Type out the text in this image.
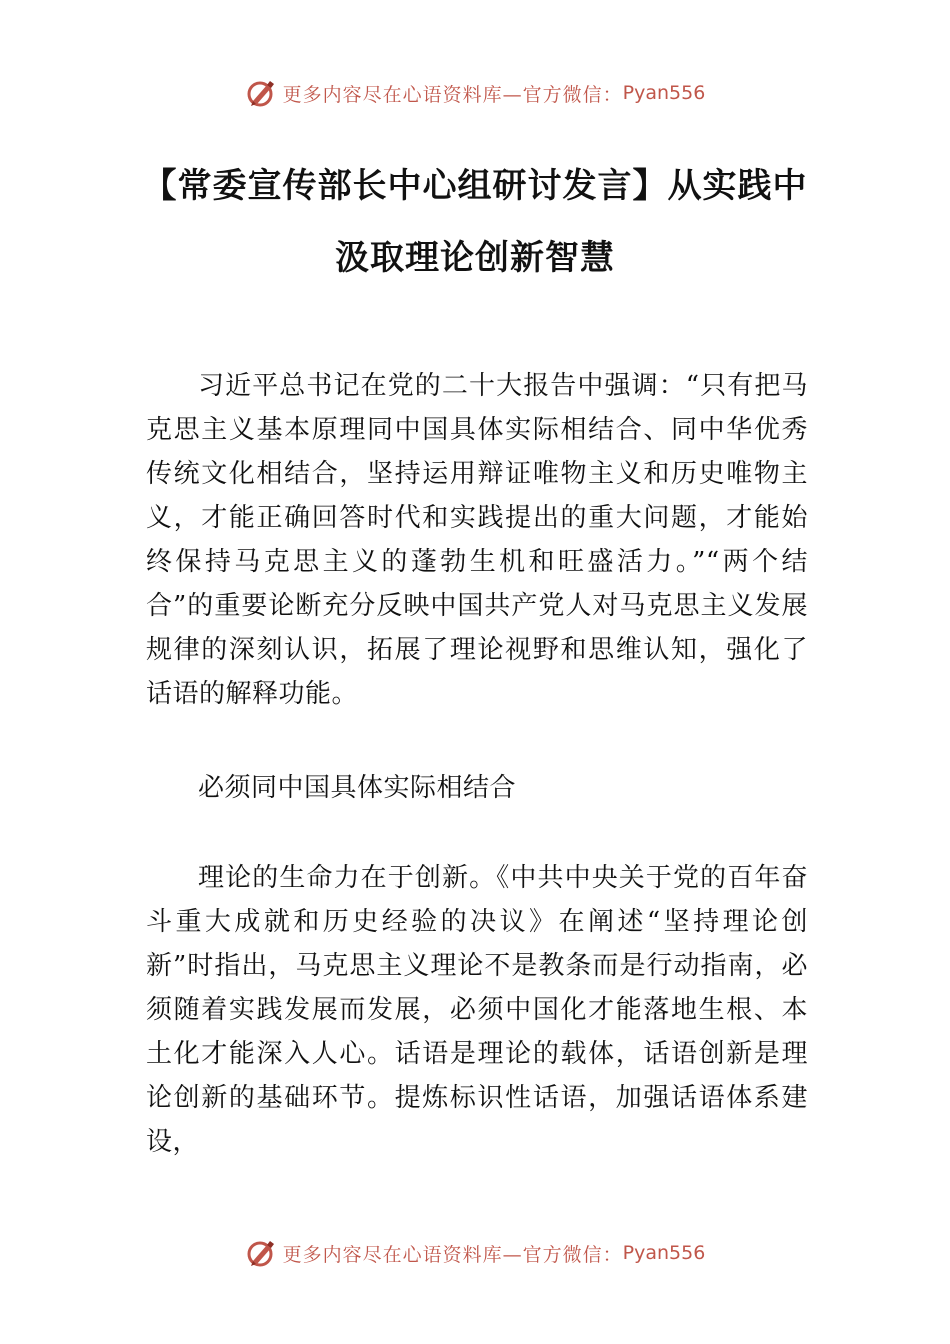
更多内容尽在心语资料库—官方微信： Pyan556
【常委宣传部长中心组研讨发言】从实践中汲取理论创新智慧

习近平总书记在党的二十大报告中强调：“只有把马克思主义基本原理同中国具体实际相结合、同中华优秀传统文化相结合，坚持运用辩证唯物主义和历史唯物主义，才能正确回答时代和实践提出的重大问题，才能始终保持马克思主义的蓬勃生机和旺盛活力。”“两个结合”的重要论断充分反映中国共产党人对马克思主义发展规律的深刻认识，拓展了理论视野和思维认知，强化了话语的解释功能。

必须同中国具体实际相结合

理论的生命力在于创新。《中共中央关于党的百年奋斗重大成就和历史经验的决议》在阐述“坚持理论创新”时指出，马克思主义理论不是教条而是行动指南，必须随着实践发展而发展，必须中国化才能落地生根、本土化才能深入人心。话语是理论的载体，话语创新是理论创新的基础环节。提炼标识性话语，加强话语体系建设，

更多内容尽在心语资料库—官方微信： Pyan556
